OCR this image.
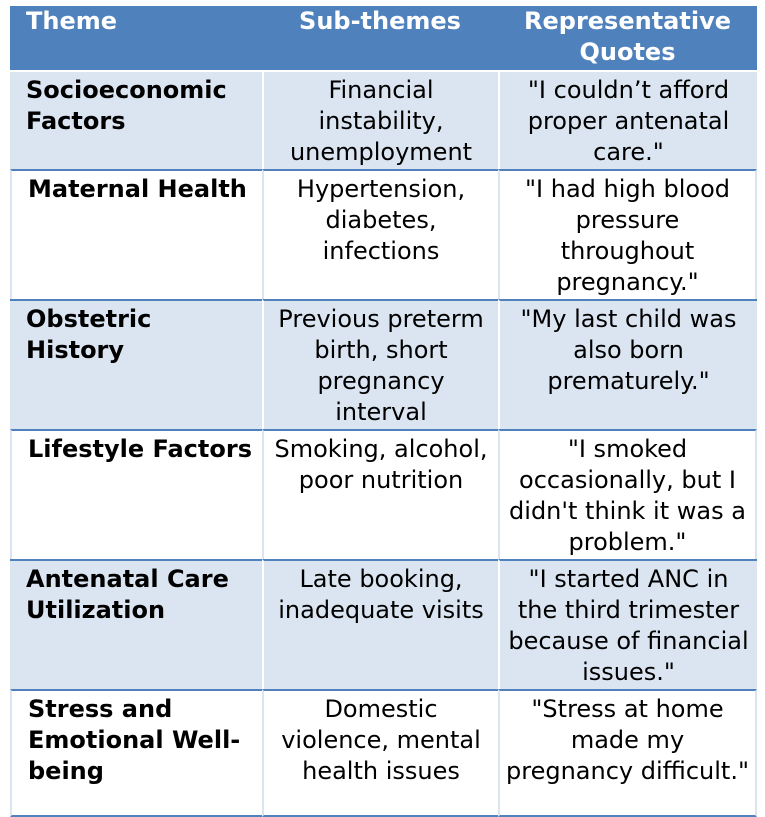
Theme	Sub-themes	Representative Quotes
Socioeconomic Factors	Financial instability, unemployment	"I couldn’t afford proper antenatal care."
Maternal Health	Hypertension, diabetes, infections	"I had high blood pressure throughout pregnancy."
Obstetric History	Previous preterm birth, short pregnancy interval	"My last child was also born prematurely."
Lifestyle Factors	Smoking, alcohol, poor nutrition	"I smoked occasionally, but I didn't think it was a problem."
Antenatal Care Utilization	Late booking, inadequate visits	"I started ANC in the third trimester because of financial issues."
Stress and Emotional Well-being	Domestic violence, mental health issues	"Stress at home made my pregnancy difficult."
